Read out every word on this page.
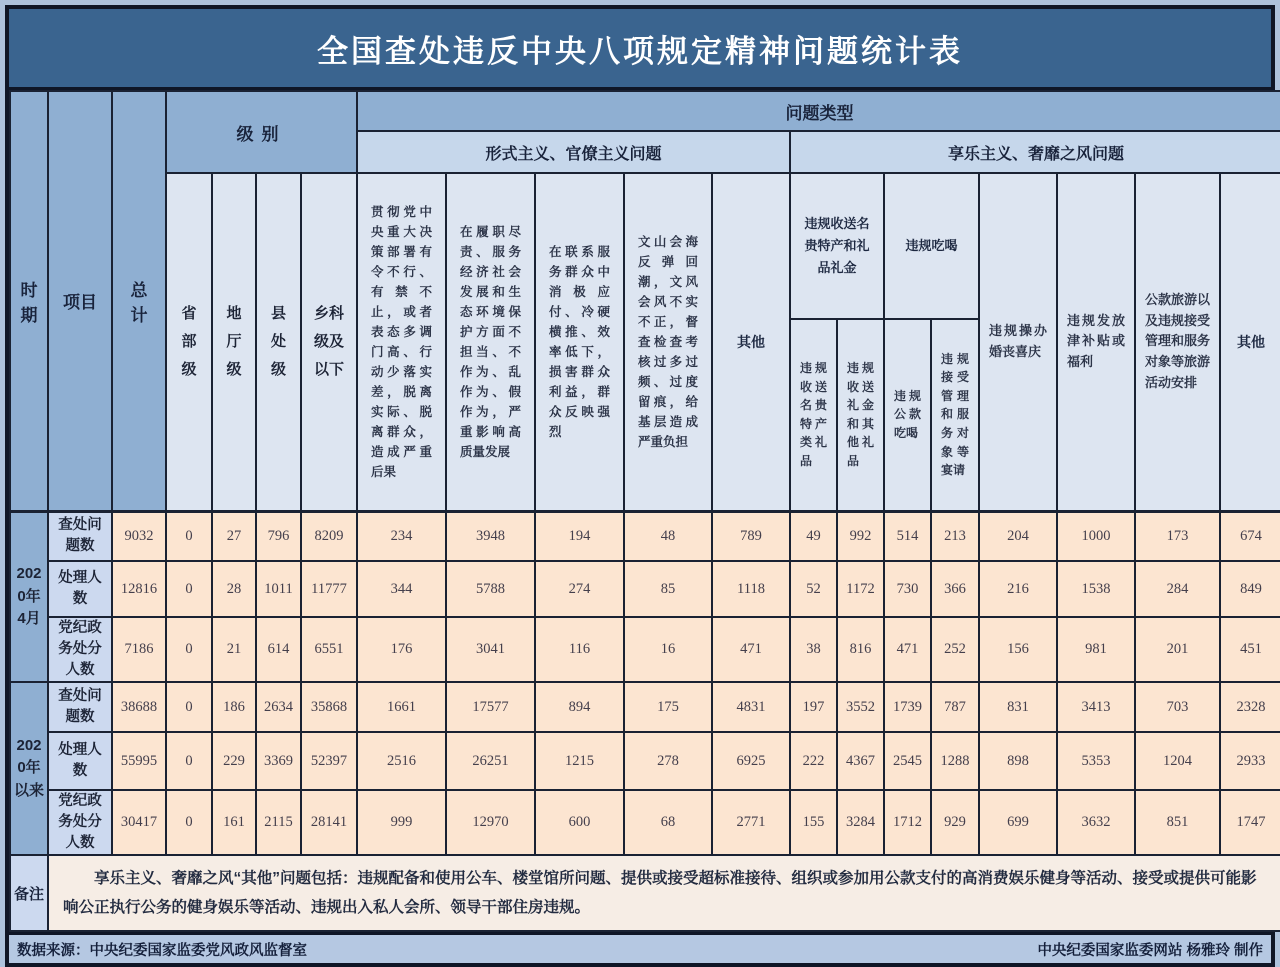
全国查处违反中央八项规定精神问题统计表
时期	项目	总计	级别				问题类型												
							形式主义、官僚主义问题					享乐主义、奢靡之风问题							
			省部级	地厅级	县处级	乡科级及以下	贯彻党中央重大决策部署有令不行、有禁不止，或者表态多调门高、行动少落实差，脱离实际、脱离群众，造成严重后果	在履职尽责、服务经济社会发展和生态环境保护方面不担当、不作为、乱作为、假作为，严重影响高质量发展	在联系服务群众中消极应付、冷硬横推、效率低下，损害群众利益，群众反映强烈	文山会海反弹回潮，文风会风不实不正，督查检查考核过多过频、过度留痕，给基层造成严重负担	其他	违规收送名贵特产和礼品礼金		违规吃喝		违规操办婚丧喜庆	违规发放津补贴或福利	公款旅游以及违规接受管理和服务对象等旅游活动安排	其他
												违规收送名贵特产类礼品	违规收送礼金和其他礼品	违规公款吃喝	违规接受管理和服务对象等宴请				
2020年4月	查处问题数	9032	0	27	796	8209	234	3948	194	48	789	49	992	514	213	204	1000	173	674
	处理人数	12816	0	28	1011	11777	344	5788	274	85	1118	52	1172	730	366	216	1538	284	849
	党纪政务处分人数	7186	0	21	614	6551	176	3041	116	16	471	38	816	471	252	156	981	201	451
2020年以来	查处问题数	38688	0	186	2634	35868	1661	17577	894	175	4831	197	3552	1739	787	831	3413	703	2328
	处理人数	55995	0	229	3369	52397	2516	26251	1215	278	6925	222	4367	2545	1288	898	5353	1204	2933
	党纪政务处分人数	30417	0	161	2115	28141	999	12970	600	68	2771	155	3284	1712	929	699	3632	851	1747
备注	享乐主义、奢靡之风“其他”问题包括：违规配备和使用公车、楼堂馆所问题、提供或接受超标准接待、组织或参加用公款支付的高消费娱乐健身等活动、接受或提供可能影响公正执行公务的健身娱乐等活动、违规出入私人会所、领导干部住房违规。																		

数据来源：中央纪委国家监委党风政风监督室	中央纪委国家监委网站 杨雅玲 制作
